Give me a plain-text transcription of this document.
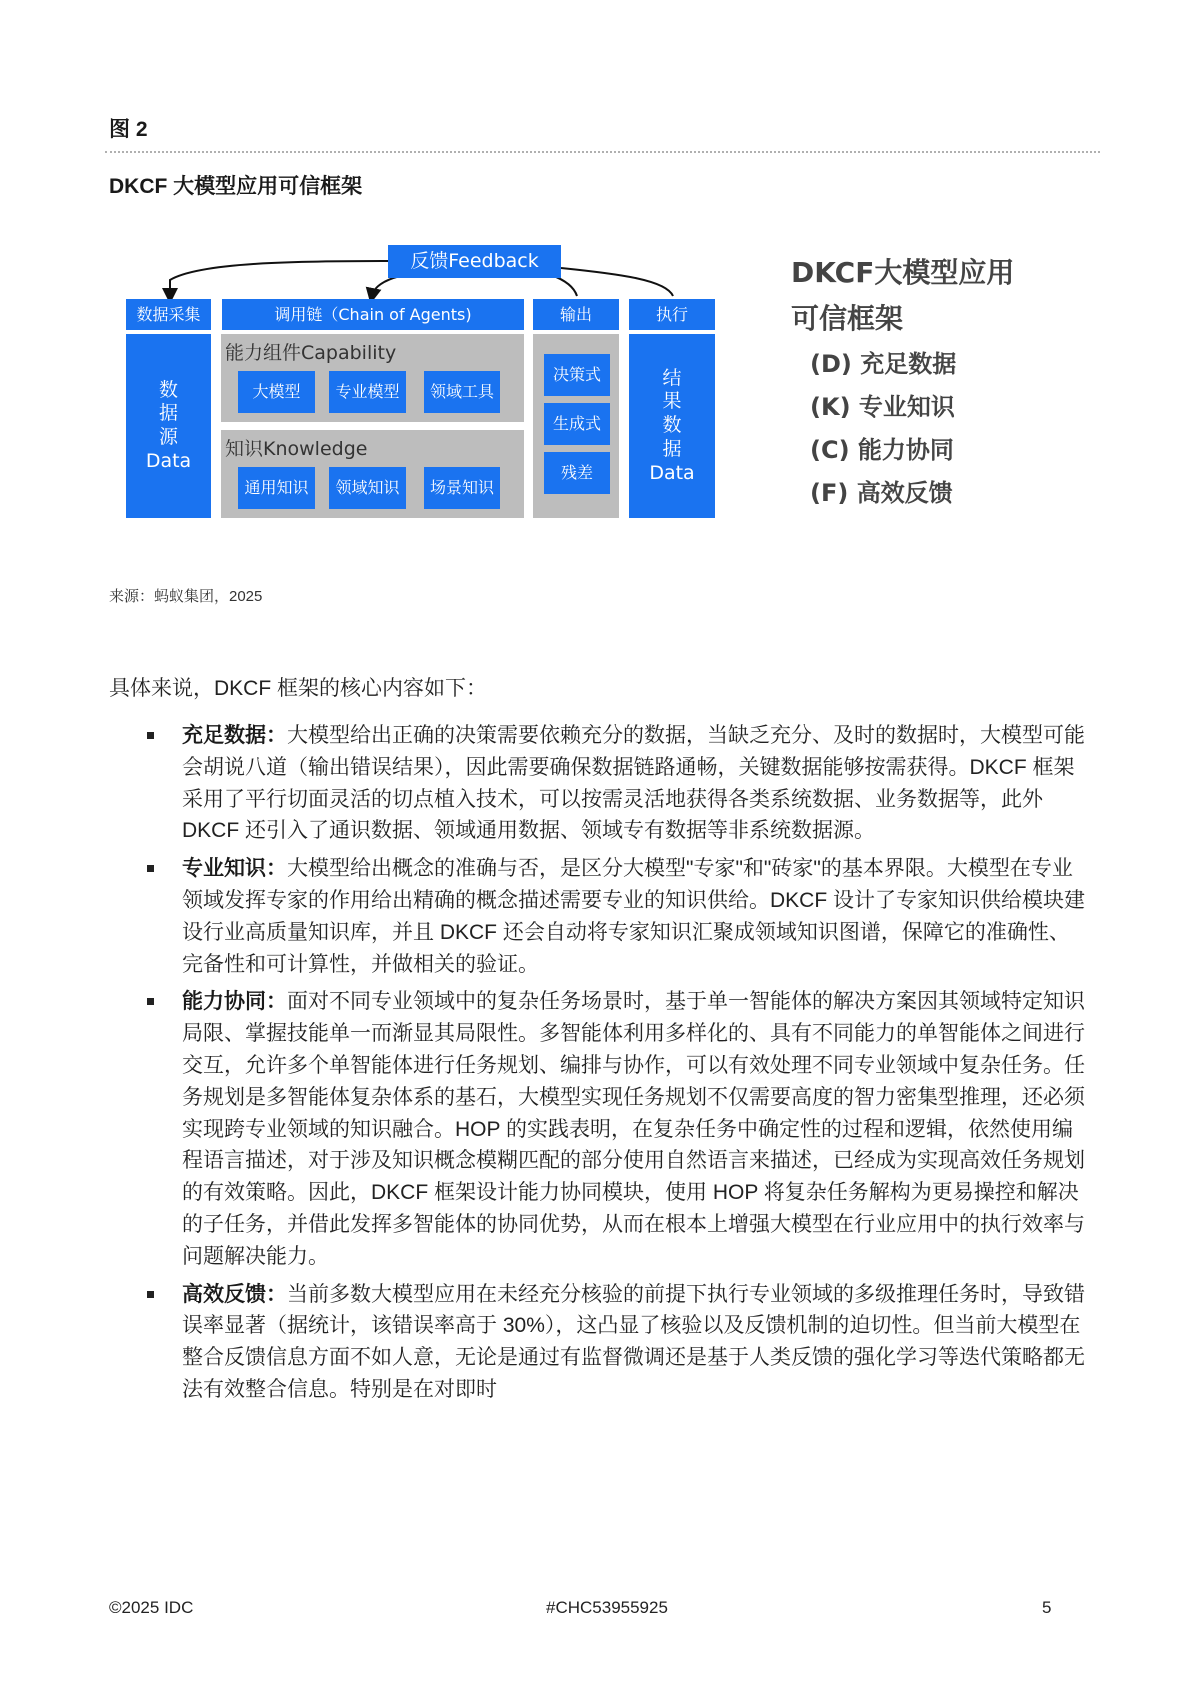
图 2
DKCF 大模型应用可信框架
反馈Feedback
数据采集	调用链（Chain of Agents)	输出	执行
数
据
源
Data
能力组件Capability
大模型 专业模型 领域工具
知识Knowledge
通用知识 领域知识 场景知识
决策式
生成式
残差
结
果
数
据
Data
DKCF大模型应用
可信框架
(D) 充足数据
(K) 专业知识
(C) 能力协同
(F) 高效反馈
来源：蚂蚁集团，2025
具体来说，DKCF 框架的核心内容如下：
充足数据：大模型给出正确的决策需要依赖充分的数据，当缺乏充分、及时的数据时，大模型可能会胡说八道（输出错误结果），因此需要确保数据链路通畅，关键数据能够按需获得。DKCF 框架采用了平行切面灵活的切点植入技术，可以按需灵活地获得各类系统数据、业务数据等，此外 DKCF 还引入了通识数据、领域通用数据、领域专有数据等非系统数据源。
专业知识：大模型给出概念的准确与否，是区分大模型"专家"和"砖家"的基本界限。大模型在专业领域发挥专家的作用给出精确的概念描述需要专业的知识供给。DKCF 设计了专家知识供给模块建设行业高质量知识库，并且 DKCF 还会自动将专家知识汇聚成领域知识图谱，保障它的准确性、完备性和可计算性，并做相关的验证。
能力协同：面对不同专业领域中的复杂任务场景时，基于单一智能体的解决方案因其领域特定知识局限、掌握技能单一而渐显其局限性。多智能体利用多样化的、具有不同能力的单智能体之间进行交互，允许多个单智能体进行任务规划、编排与协作，可以有效处理不同专业领域中复杂任务。任务规划是多智能体复杂体系的基石，大模型实现任务规划不仅需要高度的智力密集型推理，还必须实现跨专业领域的知识融合。HOP 的实践表明，在复杂任务中确定性的过程和逻辑，依然使用编程语言描述，对于涉及知识概念模糊匹配的部分使用自然语言来描述，已经成为实现高效任务规划的有效策略。因此，DKCF 框架设计能力协同模块，使用 HOP 将复杂任务解构为更易操控和解决的子任务，并借此发挥多智能体的协同优势，从而在根本上增强大模型在行业应用中的执行效率与问题解决能力。
高效反馈：当前多数大模型应用在未经充分核验的前提下执行专业领域的多级推理任务时，导致错误率显著（据统计，该错误率高于 30%），这凸显了核验以及反馈机制的迫切性。但当前大模型在整合反馈信息方面不如人意，无论是通过有监督微调还是基于人类反馈的强化学习等迭代策略都无法有效整合信息。特别是在对即时
©2025 IDC	#CHC53955925	5
